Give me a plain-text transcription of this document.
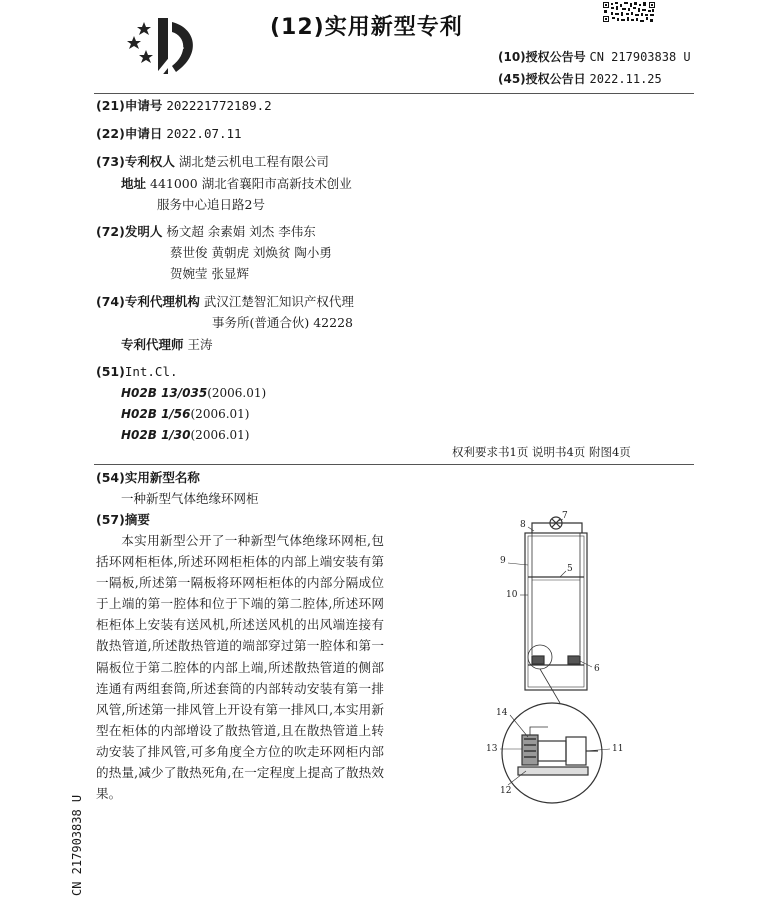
(12)实用新型专利
(10)授权公告号 CN 217903838 U
(45)授权公告日 2022.11.25
(21)申请号 202221772189.2
(22)申请日 2022.07.11
(73)专利权人 湖北楚云机电工程有限公司
地址 441000 湖北省襄阳市高新技术创业
服务中心追日路2号
(72)发明人 杨文超 余素娟 刘杰 李伟东
蔡世俊 黄朝虎 刘焕贫 陶小勇
贺婉莹 张显辉
(74)专利代理机构 武汉江楚智汇知识产权代理
事务所(普通合伙) 42228
专利代理师 王涛
(51)Int.Cl.
H02B 13/035(2006.01)
H02B 1/56(2006.01)
H02B 1/30(2006.01)
权利要求书1页 说明书4页 附图4页
(54)实用新型名称
一种新型气体绝缘环网柜
(57)摘要
本实用新型公开了一种新型气体绝缘环网柜,包括环网柜柜体,所述环网柜柜体的内部上端安装有第一隔板,所述第一隔板将环网柜柜体的内部分隔成位于上端的第一腔体和位于下端的第二腔体,所述环网柜柜体上安装有送风机,所述送风机的出风端连接有散热管道,所述散热管道的端部穿过第一腔体和第一隔板位于第二腔体的内部上端,所述散热管道的侧部连通有两组套筒,所述套筒的内部转动安装有第一排风管,所述第一排风管上开设有第一排风口,本实用新型在柜体的内部增设了散热管道,且在散热管道上转动安装了排风管,可多角度全方位的吹走环网柜内部的热量,减少了散热死角,在一定程度上提高了散热效果。
8
7
9
5
10
6
14
13	11
12
CN 217903838 U
